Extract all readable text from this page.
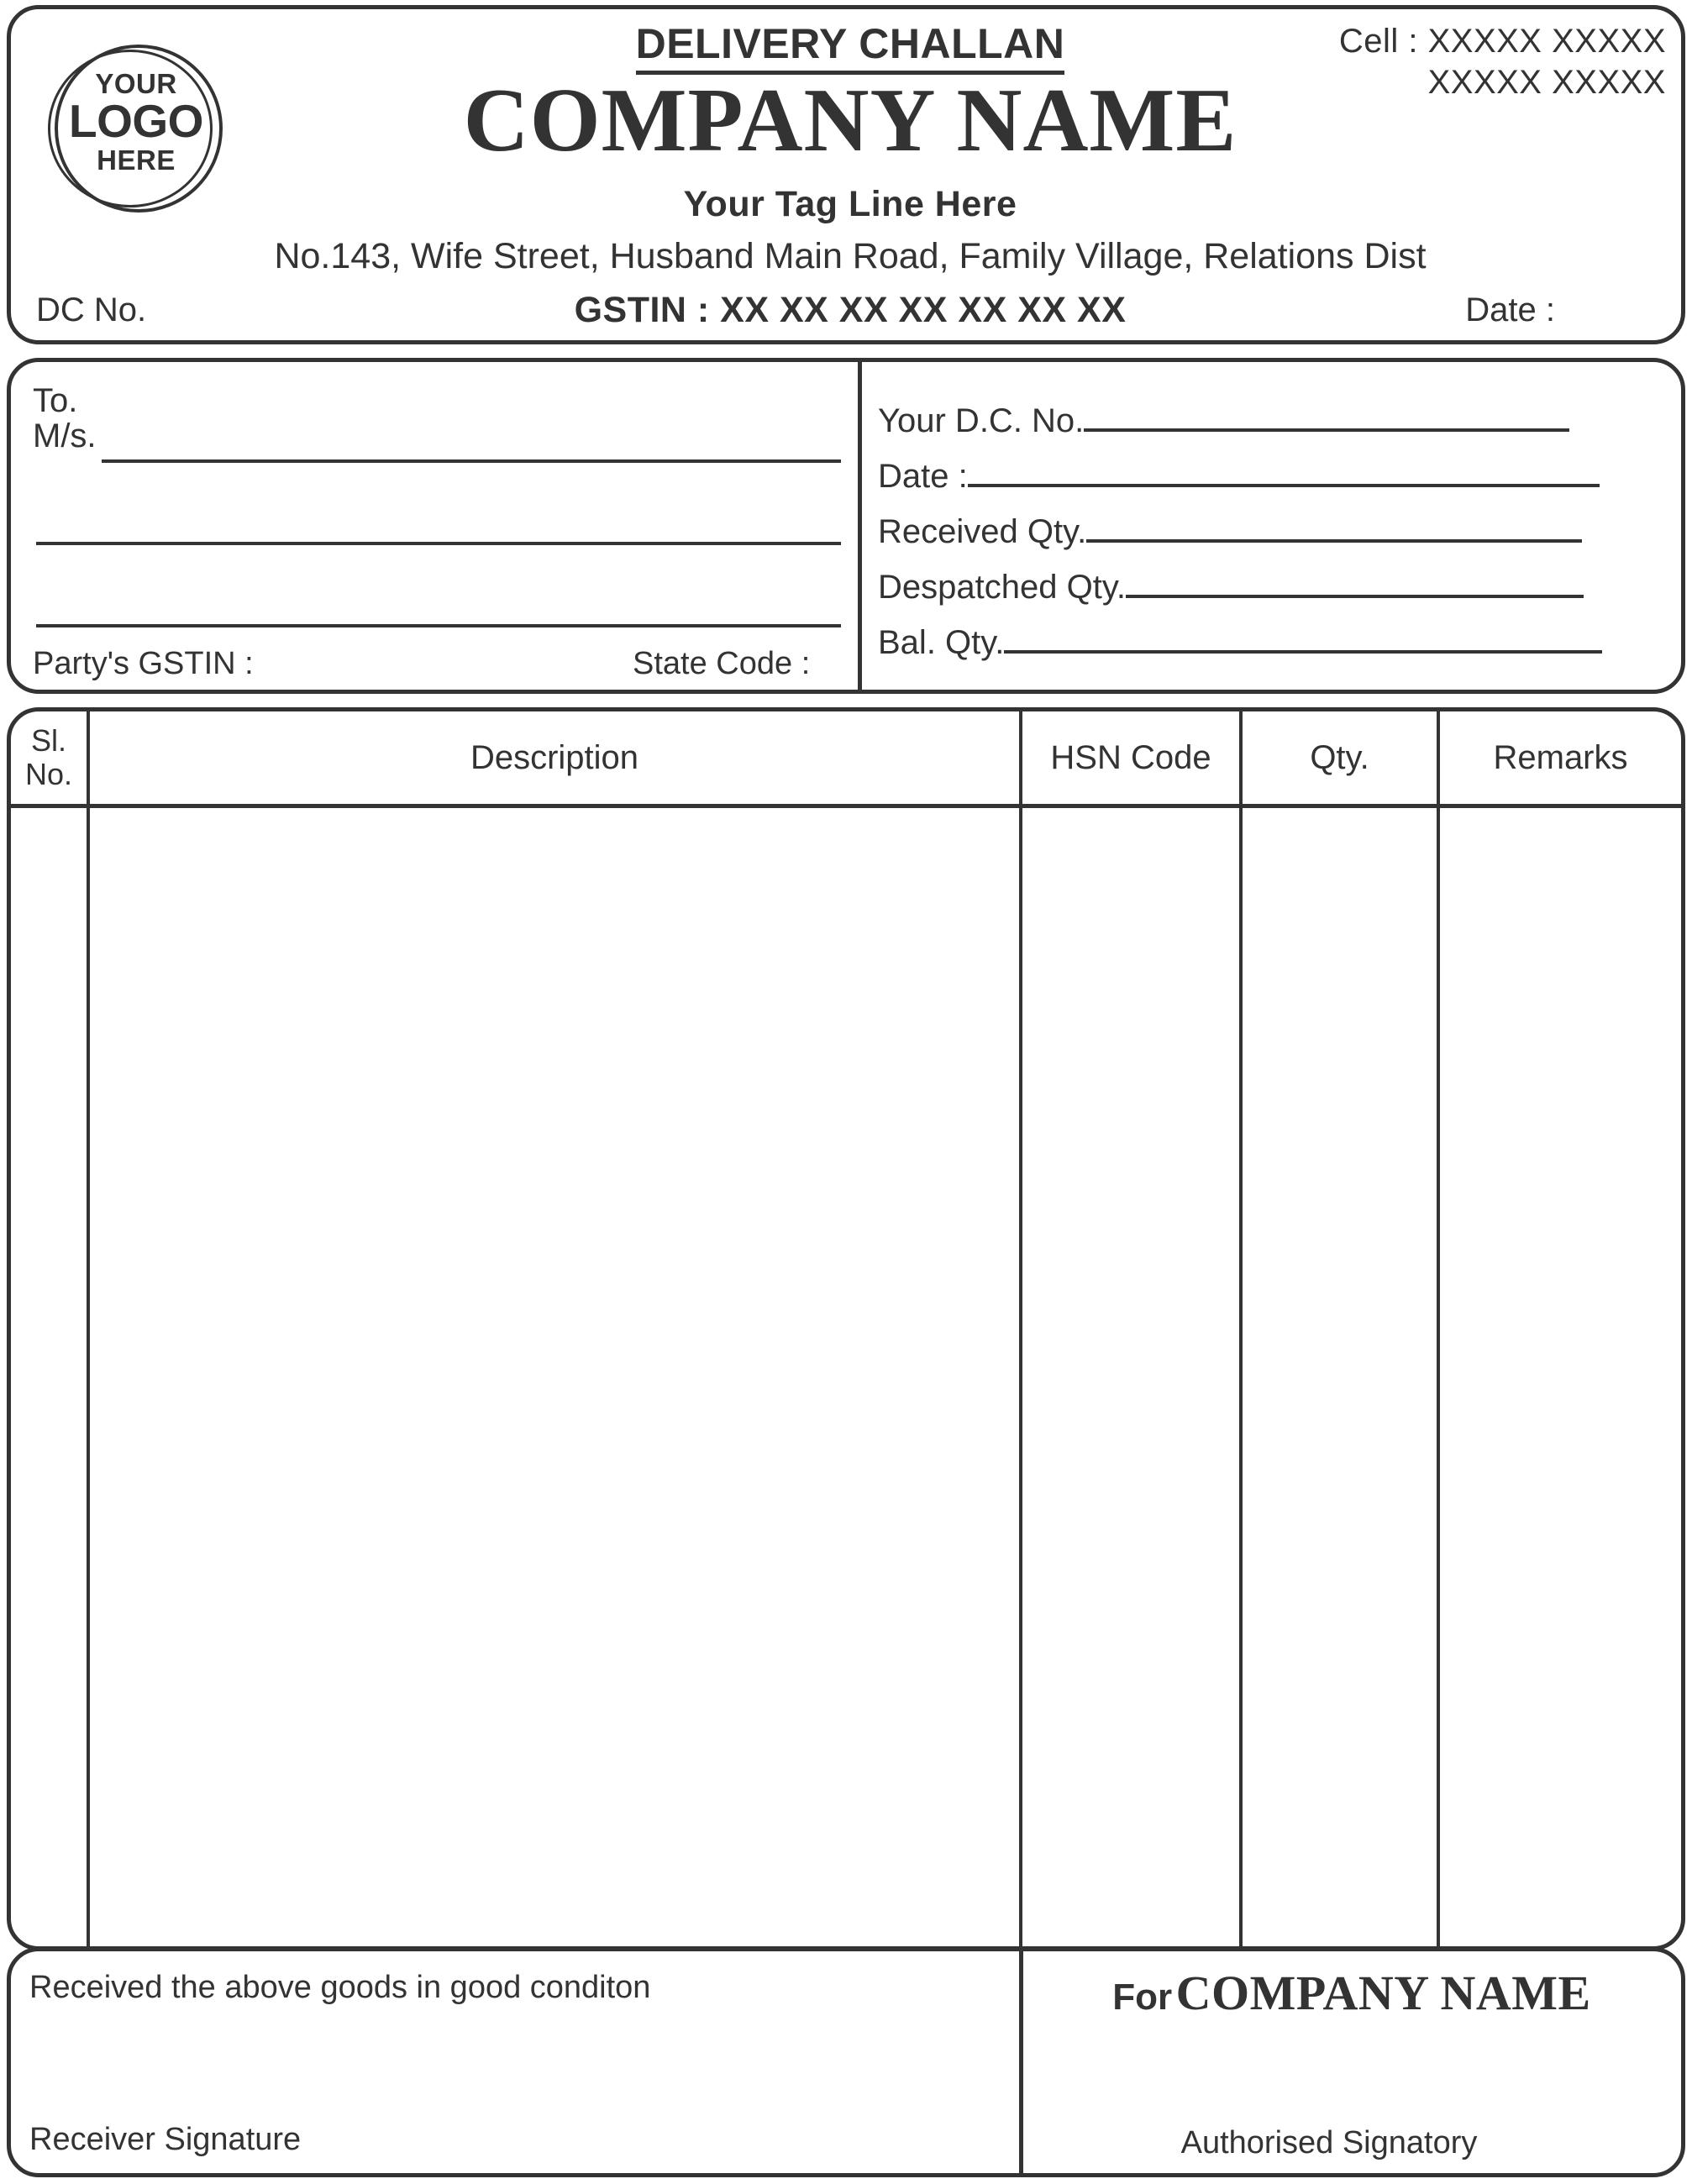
YOUR
LOGO
HERE
DELIVERY CHALLAN	Cell : XXXXX XXXXX
XXXXX XXXXX
COMPANY NAME
Your Tag Line Here
No.143, Wife Street, Husband Main Road, Family Village, Relations Dist
DC No.	GSTIN : XX XX XX XX XX XX XX	Date :
To.
M/s.
Party's GSTIN :	State Code :
Your D.C. No.
Date :
Received Qty.
Despatched Qty.
Bal. Qty.
Sl.
No.	Description	HSN Code	Qty.	Remarks
Received the above goods in good conditon
Receiver Signature
For COMPANY NAME
Authorised Signatory
